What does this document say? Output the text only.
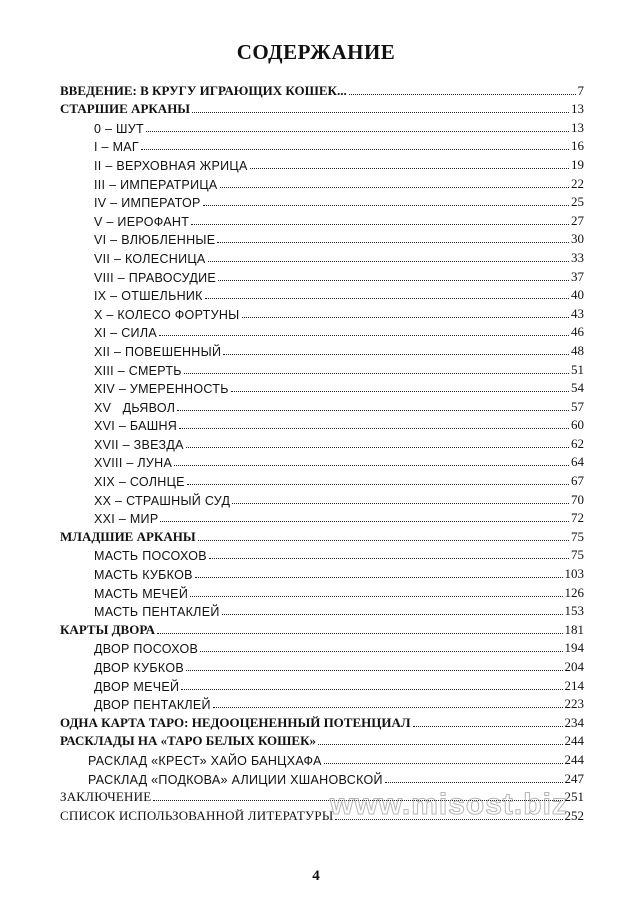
СОДЕРЖАНИЕ
ВВЕДЕНИЕ: В КРУГУ ИГРАЮЩИХ КОШЕК...	7
СТАРШИЕ АРКАНЫ	13
0 – ШУТ	13
I – МАГ	16
II – ВЕРХОВНАЯ ЖРИЦА	19
III – ИМПЕРАТРИЦА	22
IV – ИМПЕРАТОР	25
V – ИЕРОФАНТ	27
VI – ВЛЮБЛЕННЫЕ	30
VII – КОЛЕСНИЦА	33
VIII – ПРАВОСУДИЕ	37
IX – ОТШЕЛЬНИК	40
X – КОЛЕСО ФОРТУНЫ	43
XI – СИЛА	46
XII – ПОВЕШЕННЫЙ	48
XIII – СМЕРТЬ	51
XIV – УМЕРЕННОСТЬ	54
XV   ДЬЯВОЛ	57
XVI – БАШНЯ	60
XVII – ЗВЕЗДА	62
XVIII – ЛУНА	64
XIX – СОЛНЦЕ	67
XX – СТРАШНЫЙ СУД	70
XXI – МИР	72
МЛАДШИЕ АРКАНЫ	75
МАСТЬ ПОСОХОВ	75
МАСТЬ КУБКОВ	103
МАСТЬ МЕЧЕЙ	126
МАСТЬ ПЕНТАКЛЕЙ	153
КАРТЫ ДВОРА	181
ДВОР ПОСОХОВ	194
ДВОР КУБКОВ	204
ДВОР МЕЧЕЙ	214
ДВОР ПЕНТАКЛЕЙ	223
ОДНА КАРТА ТАРО: НЕДООЦЕНЕННЫЙ ПОТЕНЦИАЛ	234
РАСКЛАДЫ НА «ТАРО БЕЛЫХ КОШЕК»	244
РАСКЛАД «КРЕСТ» ХАЙО БАНЦХАФА	244
РАСКЛАД «ПОДКОВА» АЛИЦИИ ХШАНОВСКОЙ	247
ЗАКЛЮЧЕНИЕ	251
СПИСОК ИСПОЛЬЗОВАННОЙ ЛИТЕРАТУРЫ	252
www.misost.biz
4
